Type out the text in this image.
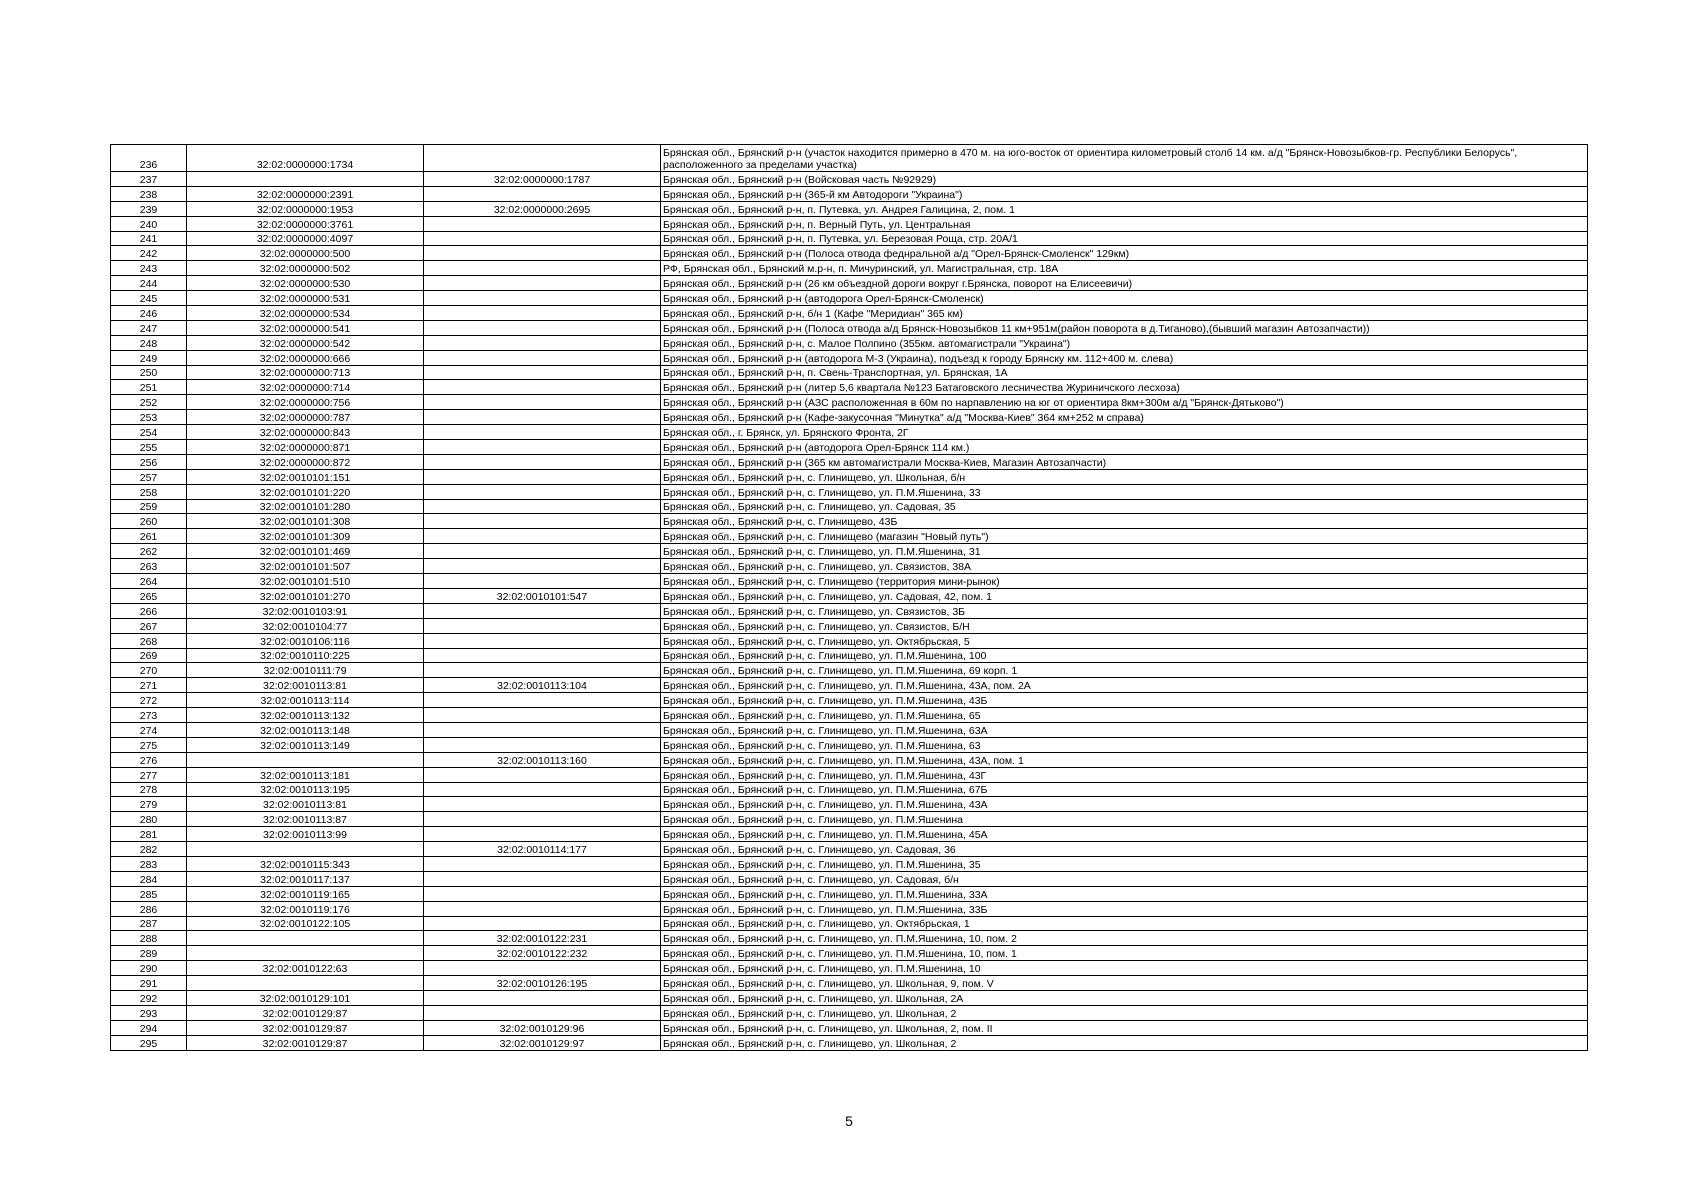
236	32:02:0000000:1734		Брянская обл., Брянский р-н (участок находится примерно в 470 м. на юго-восток от ориентира километровый столб 14 км. а/д "Брянск-Новозыбков-гр. Республики Белорусь", расположенного за пределами участка)
237		32:02:0000000:1787	Брянская обл., Брянский р-н (Войсковая часть №92929)
238	32:02:0000000:2391		Брянская обл., Брянский р-н (365-й км Автодороги "Украина")
239	32:02:0000000:1953	32:02:0000000:2695	Брянская обл., Брянский р-н, п. Путевка, ул. Андрея Галицина, 2, пом. 1
240	32:02:0000000:3761		Брянская обл., Брянский р-н, п. Верный Путь, ул. Центральная
241	32:02:0000000:4097		Брянская обл., Брянский р-н, п. Путевка, ул. Березовая Роща, стр. 20А/1
242	32:02:0000000:500		Брянская обл., Брянский р-н (Полоса отвода феднральной а/д "Орел-Брянск-Смоленск" 129км)
243	32:02:0000000:502		РФ, Брянская обл., Брянский м.р-н, п. Мичуринский, ул. Магистральная, стр. 18А
244	32:02:0000000:530		Брянская обл., Брянский р-н (26 км объездной дороги вокруг г.Брянска, поворот на Елисеевичи)
245	32:02:0000000:531		Брянская обл., Брянский р-н (автодорога Орел-Брянск-Смоленск)
246	32:02:0000000:534		Брянская обл., Брянский р-н, б/н 1 (Кафе "Меридиан" 365 км)
247	32:02:0000000:541		Брянская обл., Брянский р-н (Полоса отвода а/д Брянск-Новозыбков 11 км+951м(район поворота в д.Тиганово),(бывший магазин Автозапчасти))
248	32:02:0000000:542		Брянская обл., Брянский р-н, с. Малое Полпино (355км. автомагистрали "Украина")
249	32:02:0000000:666		Брянская обл., Брянский р-н (автодорога М-3 (Украина), подъезд к городу Брянску км. 112+400 м. слева)
250	32:02:0000000:713		Брянская обл., Брянский р-н, п. Свень-Транспортная, ул. Брянская, 1А
251	32:02:0000000:714		Брянская обл., Брянский р-н (литер 5,6 квартала №123 Батаговского лесничества Журиничского лесхоза)
252	32:02:0000000:756		Брянская обл., Брянский р-н (АЗС расположенная в 60м по нарпавлению на юг от ориентира 8км+300м а/д "Брянск-Дятьково")
253	32:02:0000000:787		Брянская обл., Брянский р-н (Кафе-закусочная "Минутка" а/д "Москва-Киев" 364 км+252 м справа)
254	32:02:0000000:843		Брянская обл., г. Брянск, ул. Брянского Фронта, 2Г
255	32:02:0000000:871		Брянская обл., Брянский р-н (автодорога Орел-Брянск 114 км.)
256	32:02:0000000:872		Брянская обл., Брянский р-н (365 км автомагистрали Москва-Киев, Магазин Автозапчасти)
257	32:02:0010101:151		Брянская обл., Брянский р-н, с. Глинищево, ул. Школьная, б/н
258	32:02:0010101:220		Брянская обл., Брянский р-н, с. Глинищево, ул. П.М.Яшенина, 33
259	32:02:0010101:280		Брянская обл., Брянский р-н, с. Глинищево, ул. Садовая, 35
260	32:02:0010101:308		Брянская обл., Брянский р-н, с. Глинищево, 43Б
261	32:02:0010101:309		Брянская обл., Брянский р-н, с. Глинищево (магазин "Новый путь")
262	32:02:0010101:469		Брянская обл., Брянский р-н, с. Глинищево, ул. П.М.Яшенина, 31
263	32:02:0010101:507		Брянская обл., Брянский р-н, с. Глинищево, ул. Связистов, 38А
264	32:02:0010101:510		Брянская обл., Брянский р-н, с. Глинищево (территория мини-рынок)
265	32:02:0010101:270	32:02:0010101:547	Брянская обл., Брянский р-н, с. Глинищево, ул. Садовая, 42, пом. 1
266	32:02:0010103:91		Брянская обл., Брянский р-н, с. Глинищево, ул. Связистов, 3Б
267	32:02:0010104:77		Брянская обл., Брянский р-н, с. Глинищево, ул. Связистов, Б/Н
268	32:02:0010106:116		Брянская обл., Брянский р-н, с. Глинищево, ул. Октябрьская, 5
269	32:02:0010110:225		Брянская обл., Брянский р-н, с. Глинищево, ул. П.М.Яшенина, 100
270	32:02:0010111:79		Брянская обл., Брянский р-н, с. Глинищево, ул. П.М.Яшенина, 69 корп. 1
271	32:02:0010113:81	32:02:0010113:104	Брянская обл., Брянский р-н, с. Глинищево, ул. П.М.Яшенина, 43А, пом. 2А
272	32:02:0010113:114		Брянская обл., Брянский р-н, с. Глинищево, ул. П.М.Яшенина, 43Б
273	32:02:0010113:132		Брянская обл., Брянский р-н, с. Глинищево, ул. П.М.Яшенина, 65
274	32:02:0010113:148		Брянская обл., Брянский р-н, с. Глинищево, ул. П.М.Яшенина, 63А
275	32:02:0010113:149		Брянская обл., Брянский р-н, с. Глинищево, ул. П.М.Яшенина, 63
276		32:02:0010113:160	Брянская обл., Брянский р-н, с. Глинищево, ул. П.М.Яшенина, 43А, пом. 1
277	32:02:0010113:181		Брянская обл., Брянский р-н, с. Глинищево, ул. П.М.Яшенина, 43Г
278	32:02:0010113:195		Брянская обл., Брянский р-н, с. Глинищево, ул. П.М.Яшенина, 67Б
279	32:02:0010113:81		Брянская обл., Брянский р-н, с. Глинищево, ул. П.М.Яшенина, 43А
280	32:02:0010113:87		Брянская обл., Брянский р-н, с. Глинищево, ул. П.М.Яшенина
281	32:02:0010113:99		Брянская обл., Брянский р-н, с. Глинищево, ул. П.М.Яшенина, 45А
282		32:02:0010114:177	Брянская обл., Брянский р-н, с. Глинищево, ул. Садовая, 36
283	32:02:0010115:343		Брянская обл., Брянский р-н, с. Глинищево, ул. П.М.Яшенина, 35
284	32:02:0010117:137		Брянская обл., Брянский р-н, с. Глинищево, ул. Садовая, б/н
285	32:02:0010119:165		Брянская обл., Брянский р-н, с. Глинищево, ул. П.М.Яшенина, 33А
286	32:02:0010119:176		Брянская обл., Брянский р-н, с. Глинищево, ул. П.М.Яшенина, 33Б
287	32:02:0010122:105		Брянская обл., Брянский р-н, с. Глинищево, ул. Октябрьская, 1
288		32:02:0010122:231	Брянская обл., Брянский р-н, с. Глинищево, ул. П.М.Яшенина, 10, пом. 2
289		32:02:0010122:232	Брянская обл., Брянский р-н, с. Глинищево, ул. П.М.Яшенина, 10, пом. 1
290	32:02:0010122:63		Брянская обл., Брянский р-н, с. Глинищево, ул. П.М.Яшенина, 10
291		32:02:0010126:195	Брянская обл., Брянский р-н, с. Глинищево, ул. Школьная, 9, пом. V
292	32:02:0010129:101		Брянская обл., Брянский р-н, с. Глинищево, ул. Школьная, 2А
293	32:02:0010129:87		Брянская обл., Брянский р-н, с. Глинищево, ул. Школьная, 2
294	32:02:0010129:87	32:02:0010129:96	Брянская обл., Брянский р-н, с. Глинищево, ул. Школьная, 2, пом. II
295	32:02:0010129:87	32:02:0010129:97	Брянская обл., Брянский р-н, с. Глинищево, ул. Школьная, 2
5
